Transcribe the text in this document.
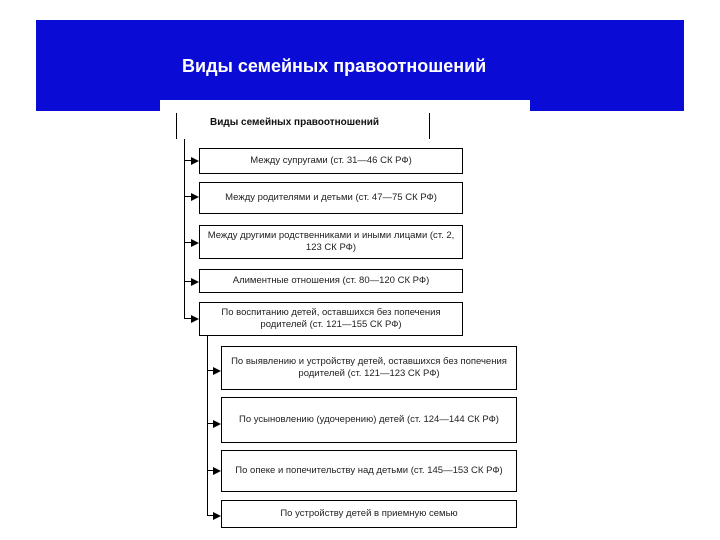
Виды семейных правоотношений
Виды семейных правоотношений
Между супругами (ст. 31—46 СК РФ)
Между родителями и детьми (ст. 47—75 СК РФ)
Между другими родственниками и иными лицами (ст. 2, 123 СК РФ)
Алиментные отношения (ст. 80—120 СК РФ)
По воспитанию детей, оставшихся без попечения родителей (ст. 121—155 СК РФ)
По выявлению и устройству детей, оставшихся без попечения родителей (ст. 121—123 СК РФ)
По усыновлению (удочерению) детей (ст. 124—144 СК РФ)
По опеке и попечительству над детьми (ст. 145—153 СК РФ)
По устройству детей в приемную семью
